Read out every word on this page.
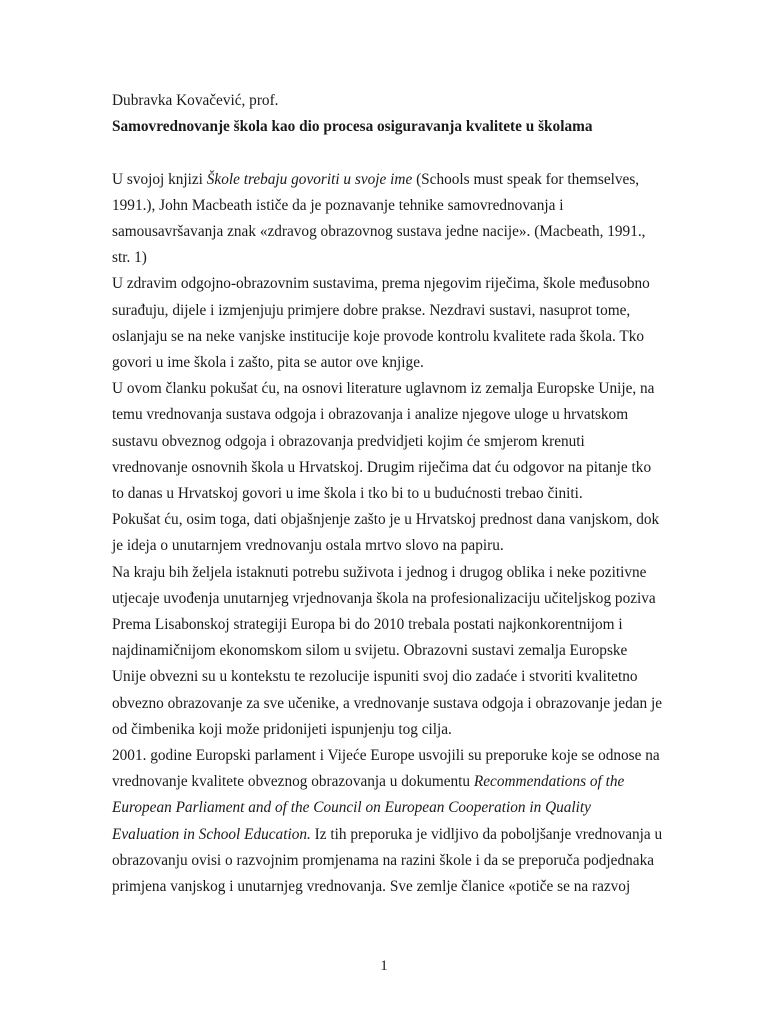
Dubravka Kovačević, prof.
Samovrednovanje škola kao dio procesa osiguravanja kvalitete u školama
U svojoj knjizi Škole trebaju govoriti u svoje ime (Schools must speak for themselves,
1991.), John Macbeath ističe da je poznavanje tehnike samovrednovanja i
samousavršavanja znak «zdravog obrazovnog sustava jedne nacije». (Macbeath, 1991.,
str. 1)
U zdravim odgojno-obrazovnim sustavima, prema njegovim riječima, škole međusobno
surađuju, dijele i izmjenjuju primjere dobre prakse. Nezdravi sustavi, nasuprot tome,
oslanjaju se na neke vanjske institucije koje provode kontrolu kvalitete rada škola. Tko
govori u ime škola i zašto, pita se autor ove knjige.
U ovom članku pokušat ću, na osnovi literature uglavnom iz zemalja Europske Unije, na
temu vrednovanja sustava odgoja i obrazovanja i analize njegove uloge u hrvatskom
sustavu obveznog odgoja i obrazovanja predvidjeti kojim će smjerom krenuti
vrednovanje osnovnih škola u Hrvatskoj. Drugim riječima dat ću odgovor na pitanje tko
to danas u Hrvatskoj govori u ime škola i tko bi to u budućnosti trebao činiti.
Pokušat ću, osim toga, dati objašnjenje zašto je u Hrvatskoj prednost dana vanjskom, dok
je ideja o unutarnjem vrednovanju ostala mrtvo slovo na papiru.
Na kraju bih željela istaknuti potrebu suživota i jednog i drugog oblika i neke pozitivne
utjecaje uvođenja unutarnjeg vrjednovanja škola na profesionalizaciju učiteljskog poziva
Prema Lisabonskoj strategiji Europa bi do 2010 trebala postati najkonkorentnijom i
najdinamičnijom ekonomskom silom u svijetu. Obrazovni sustavi zemalja Europske
Unije obvezni su u kontekstu te rezolucije ispuniti svoj dio zadaće i stvoriti kvalitetno
obvezno obrazovanje za sve učenike, a vrednovanje sustava odgoja i obrazovanje jedan je
od čimbenika koji može pridonijeti ispunjenju tog cilja.
2001. godine Europski parlament i Vijeće Europe usvojili su preporuke koje se odnose na
vrednovanje kvalitete obveznog obrazovanja u dokumentu Recommendations of the
European Parliament and of the Council on European Cooperation in Quality
Evaluation in School Education. Iz tih preporuka je vidljivo da poboljšanje vrednovanja u
obrazovanju ovisi o razvojnim promjenama na razini škole i da se preporuča podjednaka
primjena vanjskog i unutarnjeg vrednovanja. Sve zemlje članice «potiče se na razvoj
1
